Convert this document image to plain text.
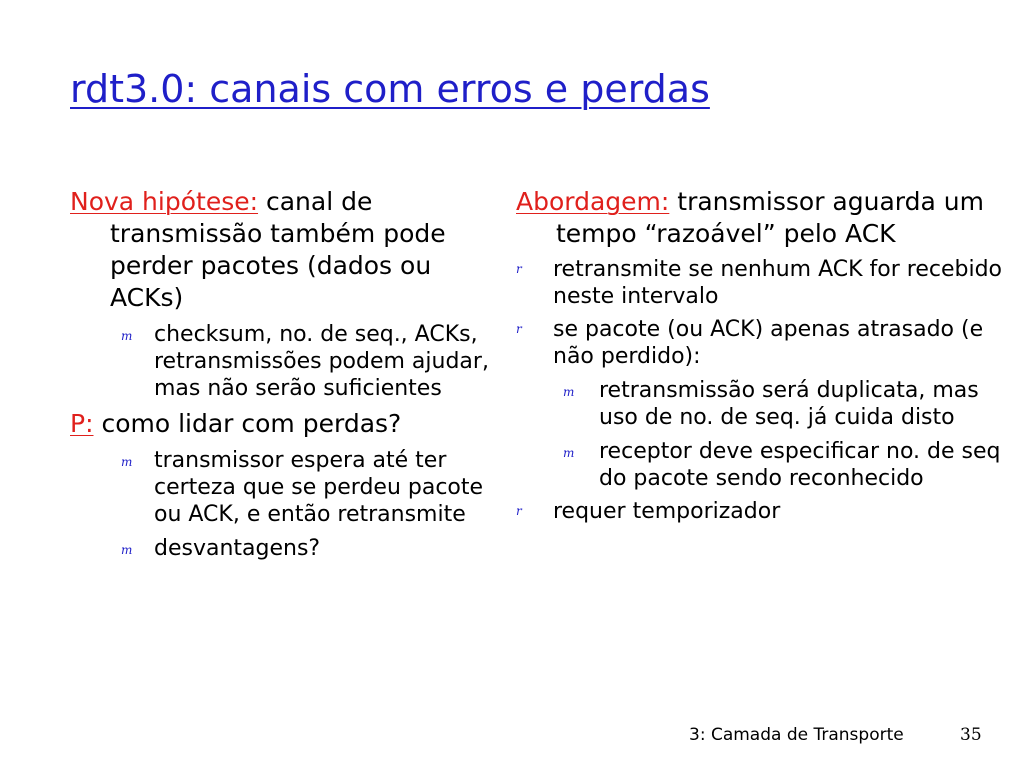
rdt3.0: canais com erros e perdas
Nova hipótese: canal de transmissão também pode perder pacotes (dados ou ACKs)
m checksum, no. de seq., ACKs, retransmissões podem ajudar, mas não serão suficientes
P: como lidar com perdas?
m transmissor espera até ter certeza que se perdeu pacote ou ACK, e então retransmite
m desvantagens?
Abordagem: transmissor aguarda um tempo “razoável” pelo ACK
r retransmite se nenhum ACK for recebido neste intervalo
r se pacote (ou ACK) apenas atrasado (e não perdido):
m retransmissão será duplicata, mas uso de no. de seq. já cuida disto
m receptor deve especificar no. de seq do pacote sendo reconhecido
r requer temporizador
3: Camada de Transporte	35
